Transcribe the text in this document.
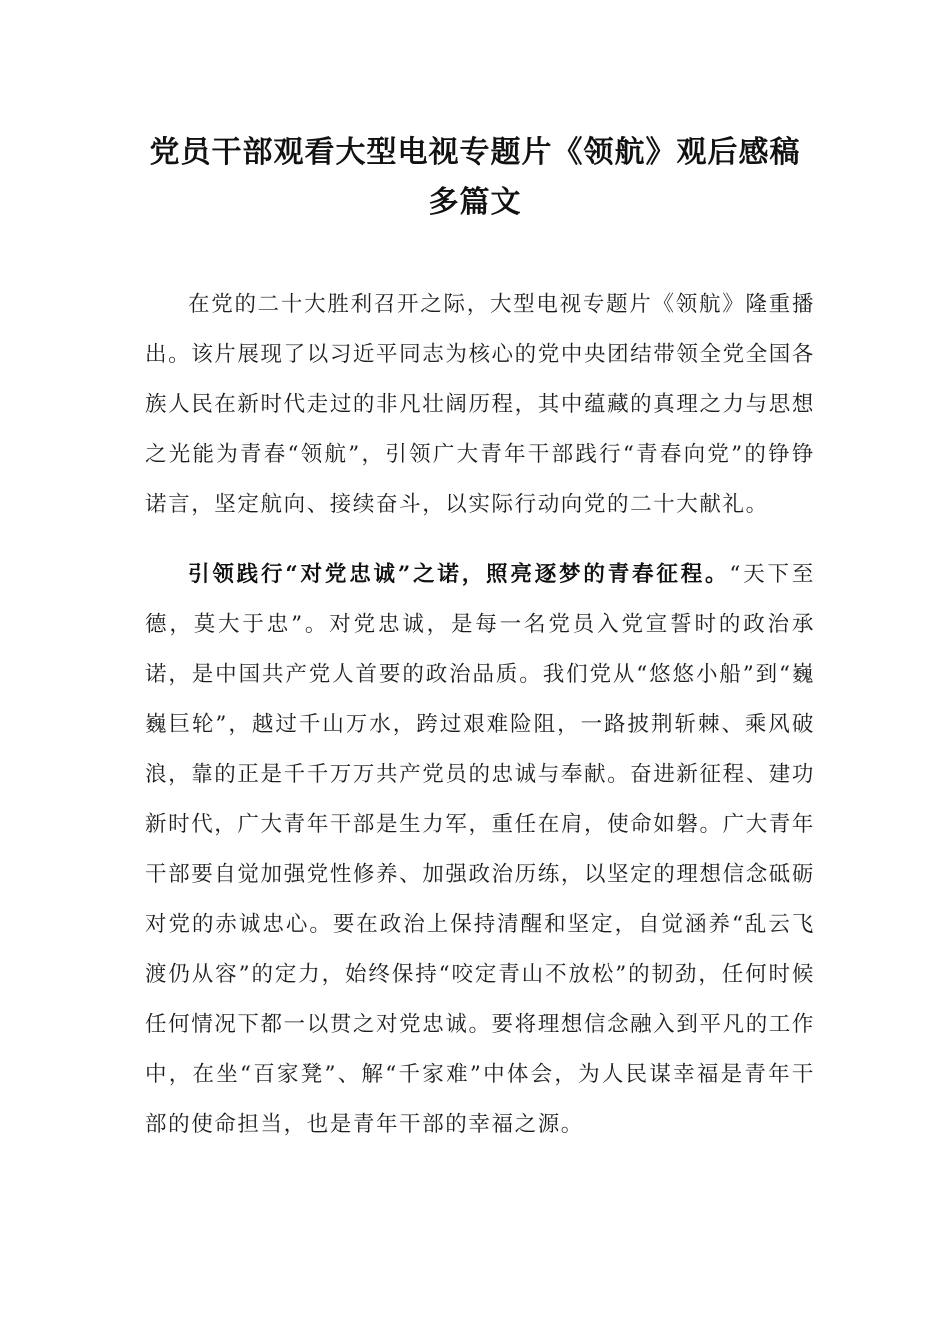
党员干部观看大型电视专题片《领航》观后感稿多篇文

在党的二十大胜利召开之际，大型电视专题片《领航》隆重播出。该片展现了以习近平同志为核心的党中央团结带领全党全国各族人民在新时代走过的非凡壮阔历程，其中蕴藏的真理之力与思想之光能为青春“领航”，引领广大青年干部践行“青春向党”的铮铮诺言，坚定航向、接续奋斗，以实际行动向党的二十大献礼。

引领践行“对党忠诚”之诺，照亮逐梦的青春征程。“天下至德，莫大于忠”。对党忠诚，是每一名党员入党宣誓时的政治承诺，是中国共产党人首要的政治品质。我们党从“悠悠小船”到“巍巍巨轮”，越过千山万水，跨过艰难险阻，一路披荆斩棘、乘风破浪，靠的正是千千万万共产党员的忠诚与奉献。奋进新征程、建功新时代，广大青年干部是生力军，重任在肩，使命如磐。广大青年干部要自觉加强党性修养、加强政治历练，以坚定的理想信念砥砺对党的赤诚忠心。要在政治上保持清醒和坚定，自觉涵养“乱云飞渡仍从容”的定力，始终保持“咬定青山不放松”的韧劲，任何时候任何情况下都一以贯之对党忠诚。要将理想信念融入到平凡的工作中，在坐“百家凳”、解“千家难”中体会，为人民谋幸福是青年干部的使命担当，也是青年干部的幸福之源。
